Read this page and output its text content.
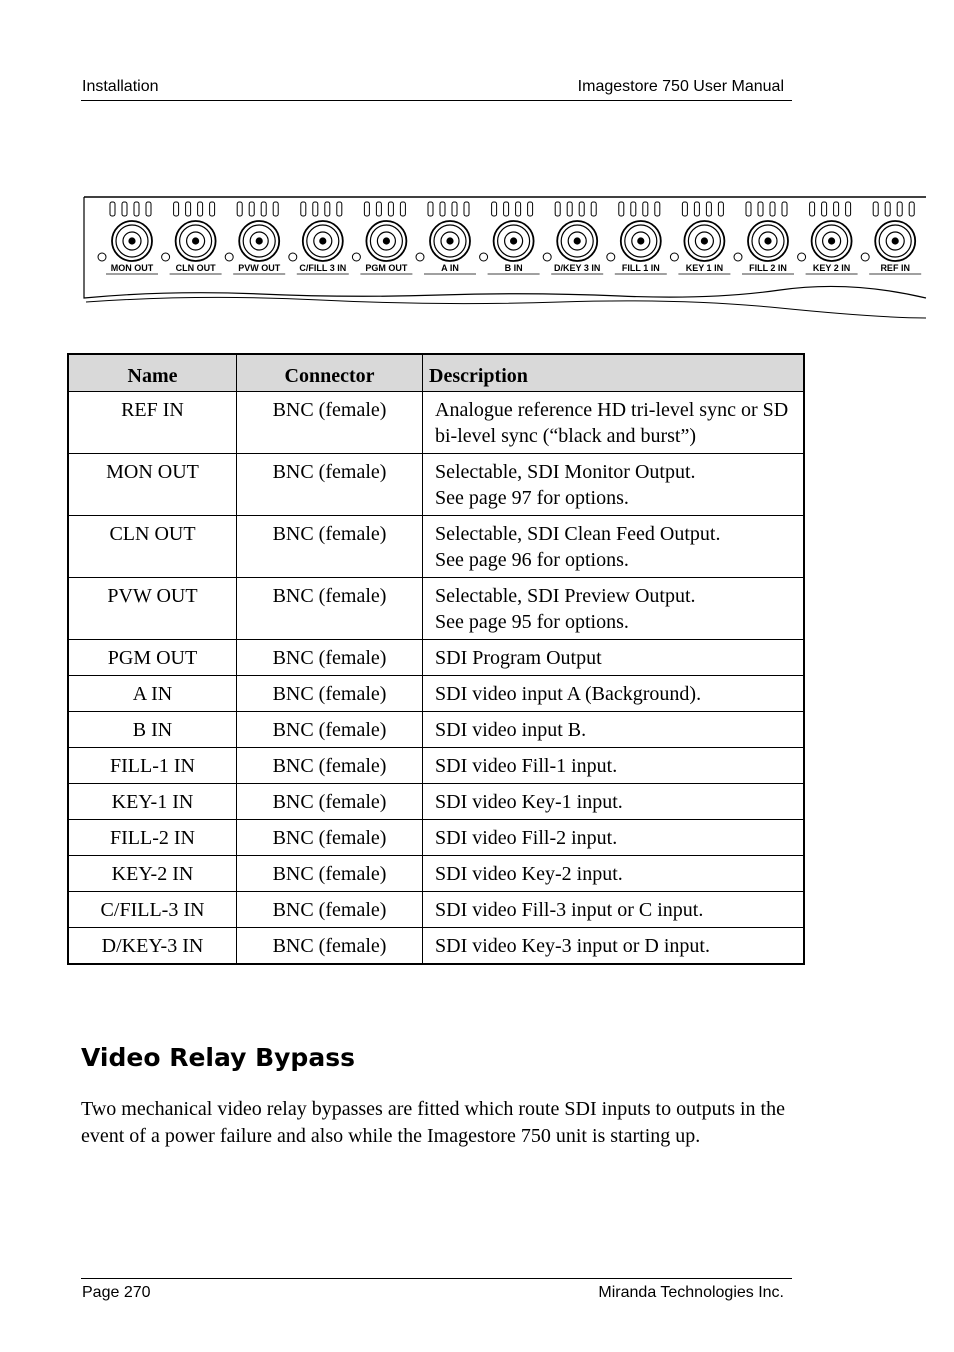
Installation	Imagestore 750 User Manual
MON OUT CLN OUT	PVW OUT C/FILL 3 IN PGM OUT	A IN	B IN	D/KEY 3 IN FILL 1 IN	KEY 1 IN	FILL 2 IN	KEY 2 IN	REF IN
Name	Connector	Description
REF IN	BNC (female)	Analogue reference HD tri-level sync or SD
bi-level sync (“black and burst”)

MON OUT	BNC (female)	Selectable, SDI Monitor Output.
See page 97 for options.

CLN OUT	BNC (female)	Selectable, SDI Clean Feed Output.
See page 96 for options.

PVW OUT	BNC (female)	Selectable, SDI Preview Output.
See page 95 for options.

PGM OUT	BNC (female)	SDI Program Output

A IN	BNC (female)	SDI video input A (Background).

B IN	BNC (female)	SDI video input B.

FILL-1 IN	BNC (female)	SDI video Fill-1 input.

KEY-1 IN	BNC (female)	SDI video Key-1 input.

FILL-2 IN	BNC (female)	SDI video Fill-2 input.

KEY-2 IN	BNC (female)	SDI video Key-2 input.

C/FILL-3 IN	BNC (female)	SDI video Fill-3 input or C input.

D/KEY-3 IN	BNC (female)	SDI video Key-3 input or D input.
Video Relay Bypass

Two mechanical video relay bypasses are fitted which route SDI inputs to outputs in the event of a power failure and also while the Imagestore 750 unit is starting up.

Page 270	Miranda Technologies Inc.
